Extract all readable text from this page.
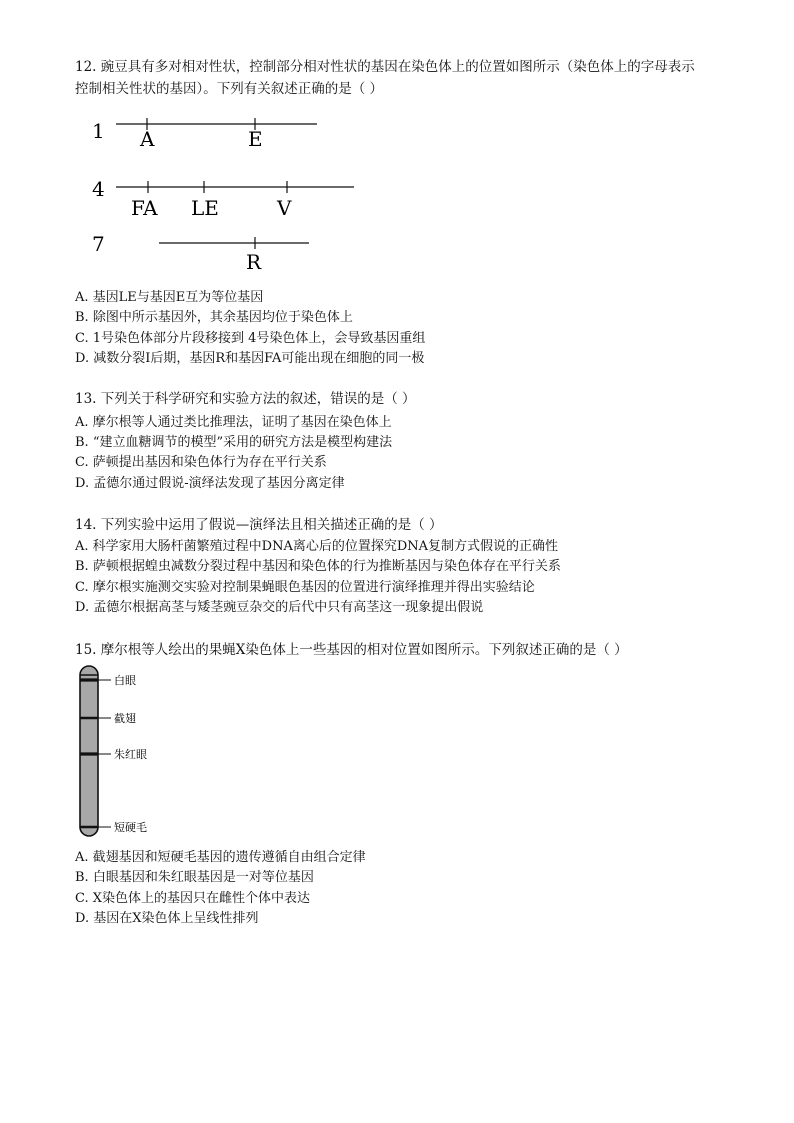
12. 豌豆具有多对相对性状，控制部分相对性状的基因在染色体上的位置如图所示（染色体上的字母表示
控制相关性状的基因）。下列有关叙述正确的是（ ）
1 A	E
4
FA LE	V
7
R
A. 基因LE与基因E互为等位基因
B. 除图中所示基因外，其余基因均位于染色体上
C. 1号染色体部分片段移接到 4号染色体上，会导致基因重组
D. 减数分裂Ⅰ后期，基因R和基因FA可能出现在细胞的同一极
13. 下列关于科学研究和实验方法的叙述，错误的是（ ）
A. 摩尔根等人通过类比推理法，证明了基因在染色体上
B. “建立血糖调节的模型”采用的研究方法是模型构建法
C. 萨顿提出基因和染色体行为存在平行关系
D. 孟德尔通过假说-演绎法发现了基因分离定律
14. 下列实验中运用了假说—演绎法且相关描述正确的是（ ）
A. 科学家用大肠杆菌繁殖过程中DNA离心后的位置探究DNA复制方式假说的正确性
B. 萨顿根据蝗虫减数分裂过程中基因和染色体的行为推断基因与染色体存在平行关系
C. 摩尔根实施测交实验对控制果蝇眼色基因的位置进行演绎推理并得出实验结论
D. 孟德尔根据高茎与矮茎豌豆杂交的后代中只有高茎这一现象提出假说
15. 摩尔根等人绘出的果蝇X染色体上一些基因的相对位置如图所示。下列叙述正确的是（ ）
白眼
截翅
朱红眼
短硬毛
A. 截翅基因和短硬毛基因的遗传遵循自由组合定律
B. 白眼基因和朱红眼基因是一对等位基因
C. X染色体上的基因只在雌性个体中表达
D. 基因在X染色体上呈线性排列
